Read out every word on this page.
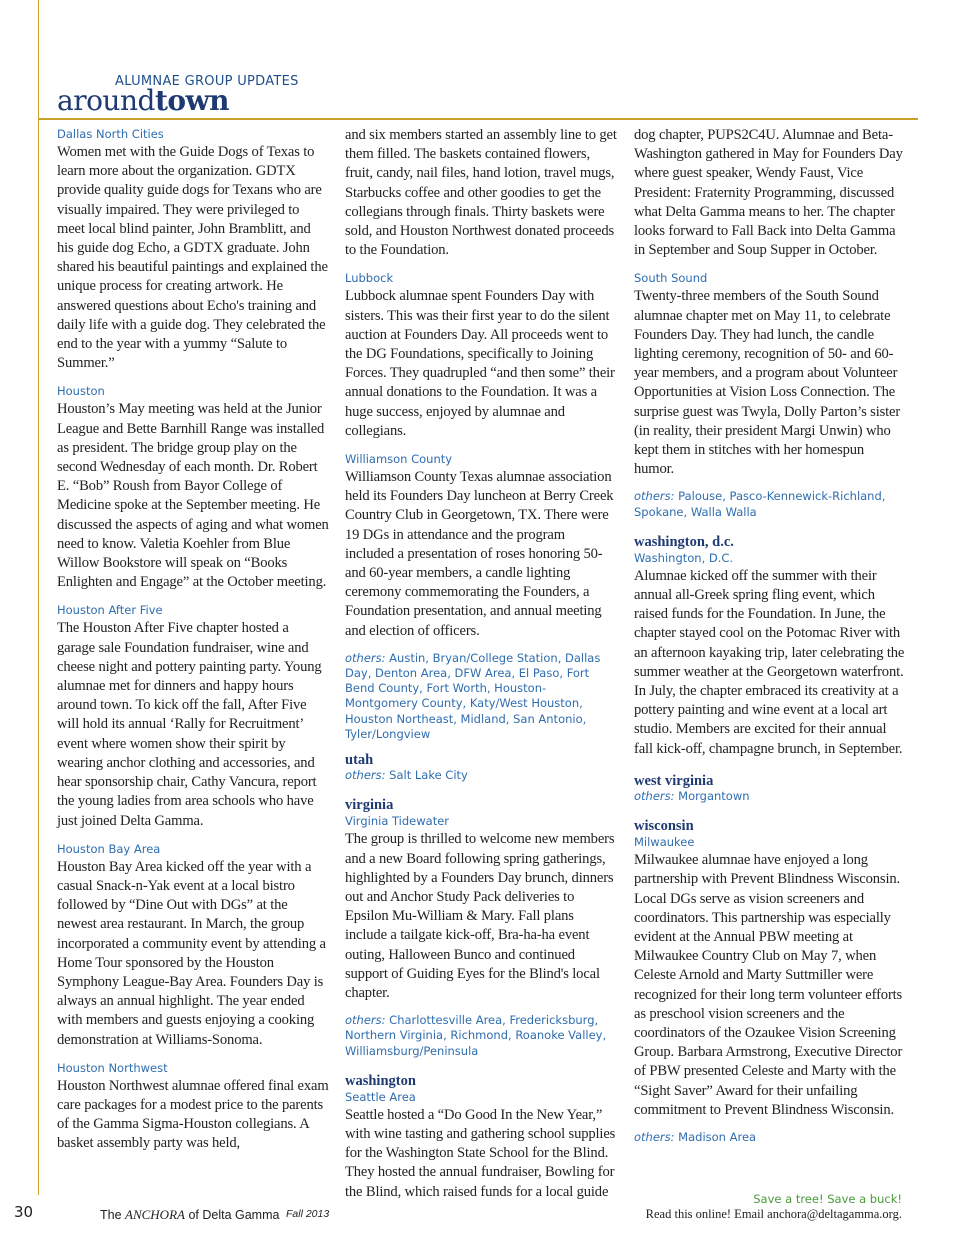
ALUMNAE GROUP UPDATES
aroundtown
Dallas North Cities
Women met with the Guide Dogs of Texas to learn more about the organization. GDTX provide quality guide dogs for Texans who are visually impaired. They were privileged to meet local blind painter, John Bramblitt, and his guide dog Echo, a GDTX graduate. John shared his beautiful paintings and explained the unique process for creating artwork. He answered questions about Echo's training and daily life with a guide dog. They celebrated the end to the year with a yummy “Salute to Summer.”
Houston
Houston’s May meeting was held at the Junior League and Bette Barnhill Range was installed as president. The bridge group play on the second Wednesday of each month. Dr. Robert E. “Bob” Roush from Bayor College of Medicine spoke at the September meeting. He discussed the aspects of aging and what women need to know. Valetia Koehler from Blue Willow Bookstore will speak on “Books Enlighten and Engage” at the October meeting.
Houston After Five
The Houston After Five chapter hosted a garage sale Foundation fundraiser, wine and cheese night and pottery painting party. Young alumnae met for dinners and happy hours around town. To kick off the fall, After Five will hold its annual ‘Rally for Recruitment’ event where women show their spirit by wearing anchor clothing and accessories, and hear sponsorship chair, Cathy Vancura, report the young ladies from area schools who have just joined Delta Gamma.
Houston Bay Area
Houston Bay Area kicked off the year with a casual Snack-n-Yak event at a local bistro followed by “Dine Out with DGs” at the newest area restaurant. In March, the group incorporated a community event by attending a Home Tour sponsored by the Houston Symphony League-Bay Area. Founders Day is always an annual highlight. The year ended with members and guests enjoying a cooking demonstration at Williams-Sonoma.
Houston Northwest
Houston Northwest alumnae offered final exam care packages for a modest price to the parents of the Gamma Sigma-Houston collegians. A basket assembly party was held,
and six members started an assembly line to get them filled. The baskets contained flowers, fruit, candy, nail files, hand lotion, travel mugs, Starbucks coffee and other goodies to get the collegians through finals. Thirty baskets were sold, and Houston Northwest donated proceeds to the Foundation.
Lubbock
Lubbock alumnae spent Founders Day with sisters. This was their first year to do the silent auction at Founders Day. All proceeds went to the DG Foundations, specifically to Joining Forces. They quadrupled “and then some” their annual donations to the Foundation. It was a huge success, enjoyed by alumnae and collegians.
Williamson County
Williamson County Texas alumnae association held its Founders Day luncheon at Berry Creek Country Club in Georgetown, TX. There were 19 DGs in attendance and the program included a presentation of roses honoring 50- and 60-year members, a candle lighting ceremony commemorating the Founders, a Foundation presentation, and annual meeting and election of officers.
others: Austin, Bryan/College Station, Dallas Day, Denton Area, DFW Area, El Paso, Fort Bend County, Fort Worth, Houston-Montgomery County, Katy/West Houston, Houston Northeast, Midland, San Antonio, Tyler/Longview
utah
others: Salt Lake City
virginia
Virginia Tidewater
The group is thrilled to welcome new members and a new Board following spring gatherings, highlighted by a Founders Day brunch, dinners out and Anchor Study Pack deliveries to Epsilon Mu-William & Mary. Fall plans include a tailgate kick-off, Bra-ha-ha event outing, Halloween Bunco and continued support of Guiding Eyes for the Blind's local chapter.
others: Charlottesville Area, Fredericksburg, Northern Virginia, Richmond, Roanoke Valley, Williamsburg/Peninsula
washington
Seattle Area
Seattle hosted a “Do Good In the New Year,” with wine tasting and gathering school supplies for the Washington State School for the Blind. They hosted the annual fundraiser, Bowling for the Blind, which raised funds for a local guide
dog chapter, PUPS2C4U. Alumnae and Beta-Washington gathered in May for Founders Day where guest speaker, Wendy Faust, Vice President: Fraternity Programming, discussed what Delta Gamma means to her. The chapter looks forward to Fall Back into Delta Gamma in September and Soup Supper in October.
South Sound
Twenty-three members of the South Sound alumnae chapter met on May 11, to celebrate Founders Day. They had lunch, the candle lighting ceremony, recognition of 50- and 60-year members, and a program about Volunteer Opportunities at Vision Loss Connection. The surprise guest was Twyla, Dolly Parton’s sister (in reality, their president Margi Unwin) who kept them in stitches with her homespun humor.
others: Palouse, Pasco-Kennewick-Richland, Spokane, Walla Walla
washington, d.c.
Washington, D.C.
Alumnae kicked off the summer with their annual all-Greek spring fling event, which raised funds for the Foundation. In June, the chapter stayed cool on the Potomac River with an afternoon kayaking trip, later celebrating the summer weather at the Georgetown waterfront. In July, the chapter embraced its creativity at a pottery painting and wine event at a local art studio. Members are excited for their annual fall kick-off, champagne brunch, in September.
west virginia
others: Morgantown
wisconsin
Milwaukee
Milwaukee alumnae have enjoyed a long partnership with Prevent Blindness Wisconsin. Local DGs serve as vision screeners and coordinators. This partnership was especially evident at the Annual PBW meeting at Milwaukee Country Club on May 7, when Celeste Arnold and Marty Suttmiller were recognized for their long term volunteer efforts as preschool vision screeners and the coordinators of the Ozaukee Vision Screening Group. Barbara Armstrong, Executive Director of PBW presented Celeste and Marty with the “Sight Saver” Award for their unfailing commitment to Prevent Blindness Wisconsin.
others: Madison Area
30	The ANCHORA of Delta Gamma Fall 2013
Save a tree! Save a buck!
Read this online! Email anchora@deltagamma.org.
